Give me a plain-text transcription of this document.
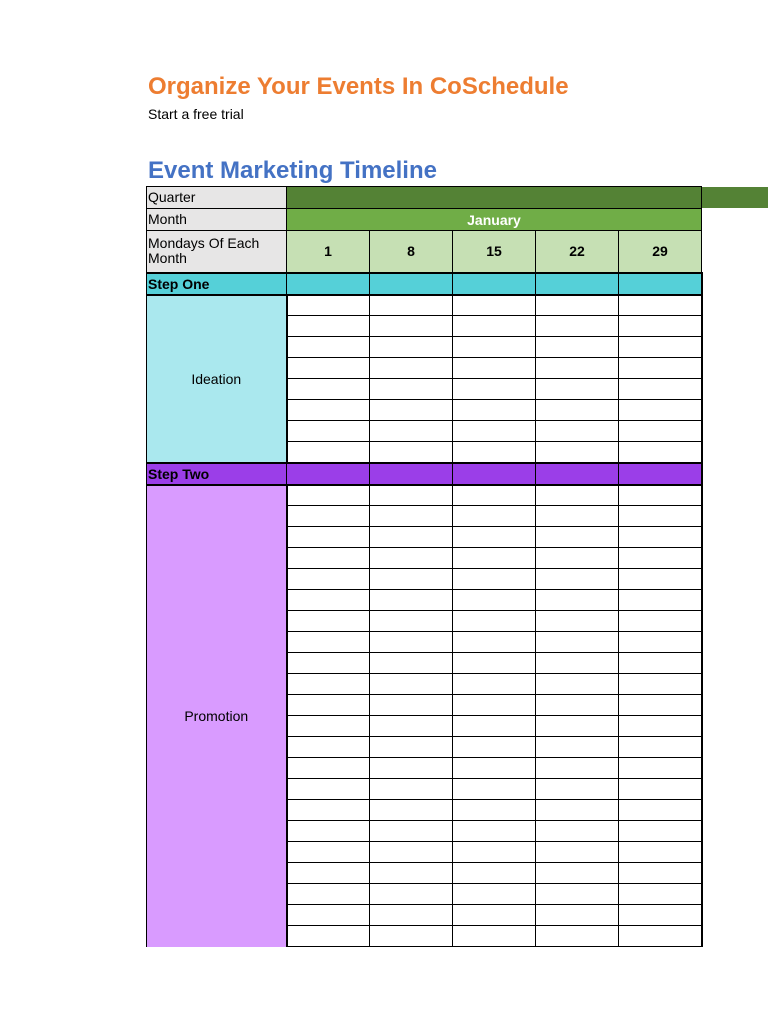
Organize Your Events In CoSchedule
Start a free trial
Event Marketing Timeline
Quarter					
Month	January				
Mondays Of Each Month	1	8	15	22	29
Step One					
Ideation					

Step Two					
Promotion					
